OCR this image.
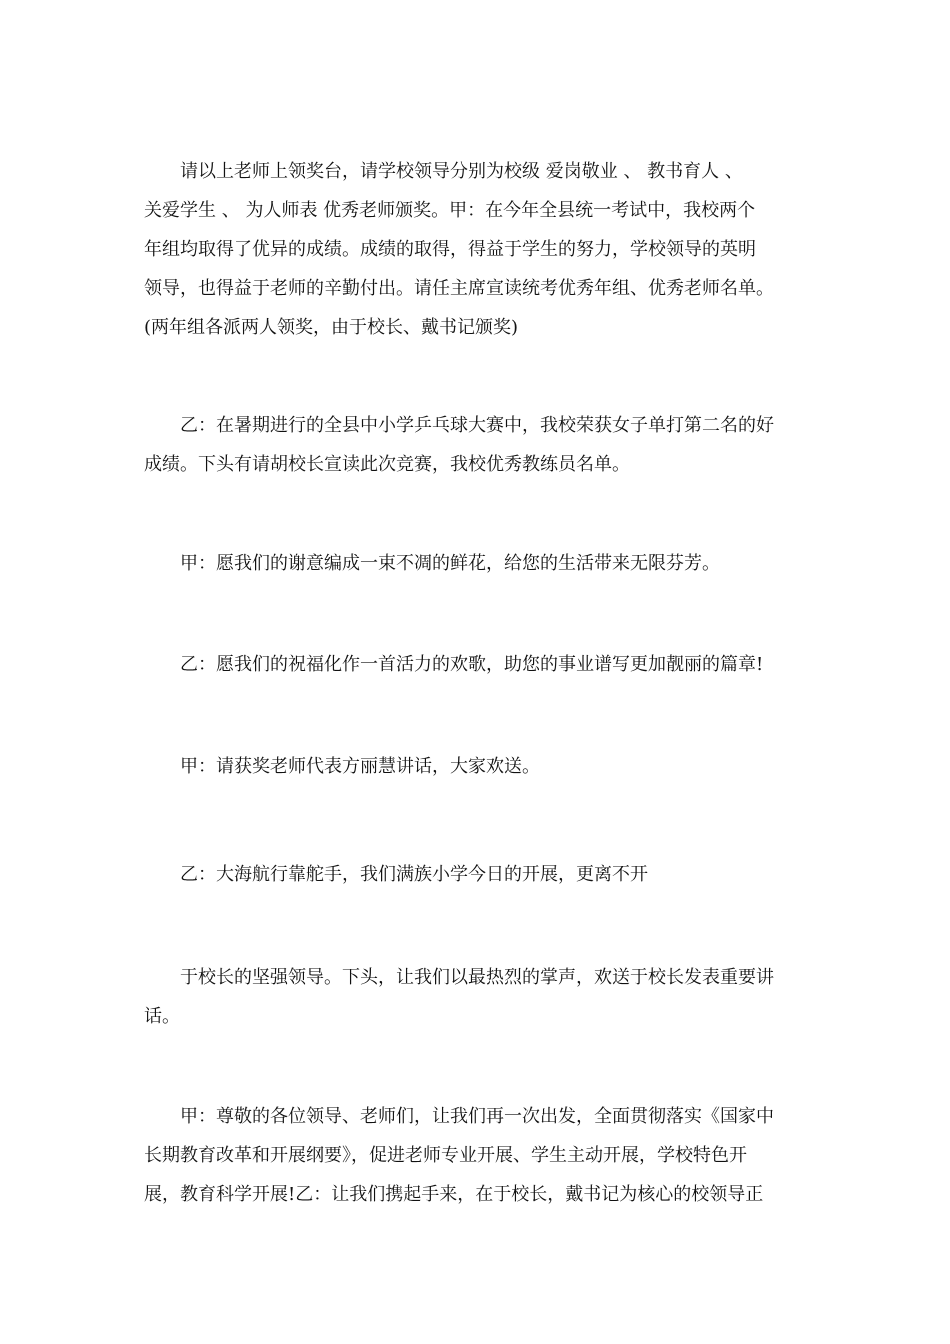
请以上老师上领奖台，请学校领导分别为校级 爱岗敬业 、 教书育人 、
关爱学生 、 为人师表 优秀老师颁奖。甲：在今年全县统一考试中，我校两个
年组均取得了优异的成绩。成绩的取得，得益于学生的努力，学校领导的英明
领导，也得益于老师的辛勤付出。请任主席宣读统考优秀年组、优秀老师名单。
(两年组各派两人领奖，由于校长、戴书记颁奖)
乙：在暑期进行的全县中小学乒乓球大赛中，我校荣获女子单打第二名的好
成绩。下头有请胡校长宣读此次竞赛，我校优秀教练员名单。
甲：愿我们的谢意编成一束不凋的鲜花，给您的生活带来无限芬芳。
乙：愿我们的祝福化作一首活力的欢歌，助您的事业谱写更加靓丽的篇章!
甲：请获奖老师代表方丽慧讲话，大家欢送。
乙：大海航行靠舵手，我们满族小学今日的开展，更离不开
于校长的坚强领导。下头，让我们以最热烈的掌声，欢送于校长发表重要讲
话。
甲：尊敬的各位领导、老师们，让我们再一次出发，全面贯彻落实《国家中
长期教育改革和开展纲要》，促进老师专业开展、学生主动开展，学校特色开
展，教育科学开展!乙：让我们携起手来，在于校长，戴书记为核心的校领导正
